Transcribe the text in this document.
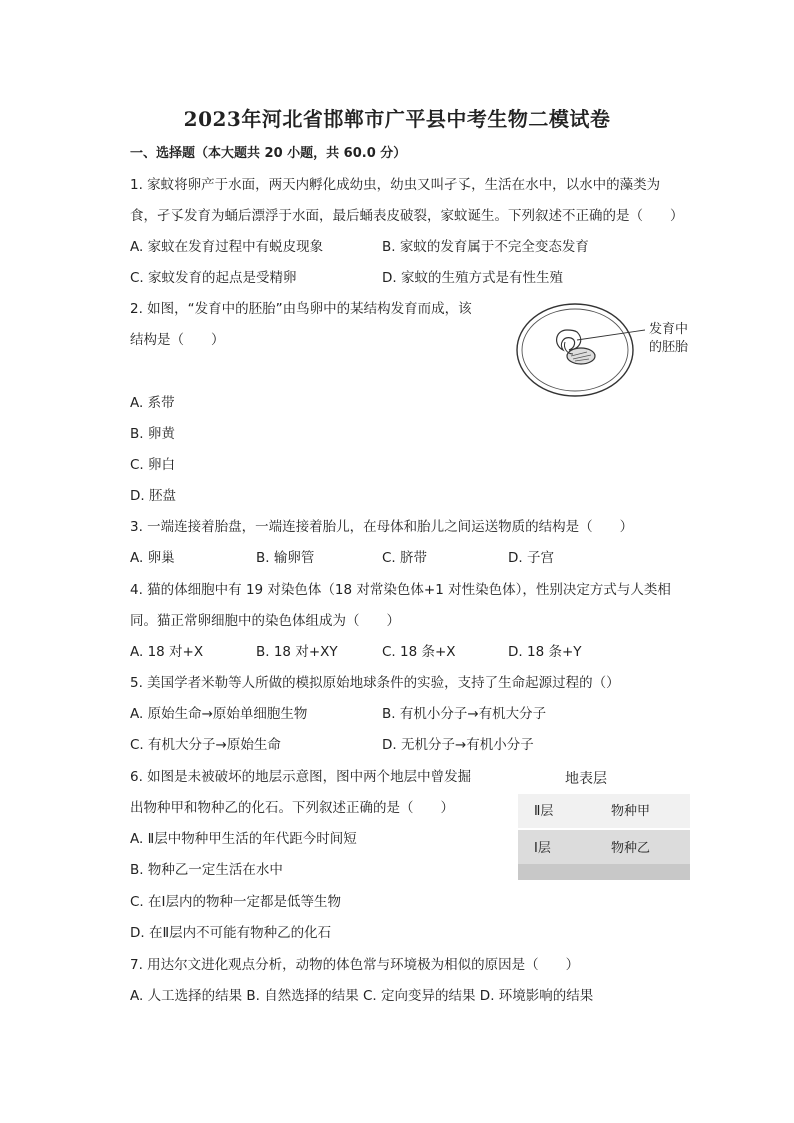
2023年河北省邯郸市广平县中考生物二模试卷
一、选择题（本大题共 20 小题，共 60.0 分）
1. 家蚊将卵产于水面，两天内孵化成幼虫，幼虫又叫孑孓，生活在水中，以水中的藻类为
食，孑孓发育为蛹后漂浮于水面，最后蛹表皮破裂，家蚊诞生。下列叙述不正确的是（　　）
A. 家蚊在发育过程中有蜕皮现象	B. 家蚊的发育属于不完全变态发育
C. 家蚊发育的起点是受精卵	D. 家蚊的生殖方式是有性生殖
2. 如图，“发育中的胚胎”由鸟卵中的某结构发育而成，该
结构是（　　）
发育中
的胚胎
A. 系带
B. 卵黄
C. 卵白
D. 胚盘
3. 一端连接着胎盘，一端连接着胎儿，在母体和胎儿之间运送物质的结构是（　　）
A. 卵巢	B. 输卵管	C. 脐带	D. 子宫
4. 猫的体细胞中有 19 对染色体（18 对常染色体+1 对性染色体），性别决定方式与人类相
同。猫正常卵细胞中的染色体组成为（　　）
A. 18 对+X	B. 18 对+XY	C. 18 条+X	D. 18 条+Y
5. 美国学者米勒等人所做的模拟原始地球条件的实验，支持了生命起源过程的（）
A. 原始生命→原始单细胞生物	B. 有机小分子→有机大分子
C. 有机大分子→原始生命	D. 无机分子→有机小分子
6. 如图是未被破坏的地层示意图，图中两个地层中曾发掘
出物种甲和物种乙的化石。下列叙述正确的是（　　）
地表层
Ⅱ层	物种甲
Ⅰ层	物种乙
A. Ⅱ层中物种甲生活的年代距今时间短
B. 物种乙一定生活在水中
C. 在Ⅰ层内的物种一定都是低等生物
D. 在Ⅱ层内不可能有物种乙的化石
7. 用达尔文进化观点分析，动物的体色常与环境极为相似的原因是（　　）
A. 人工选择的结果 B. 自然选择的结果 C. 定向变异的结果 D. 环境影响的结果
